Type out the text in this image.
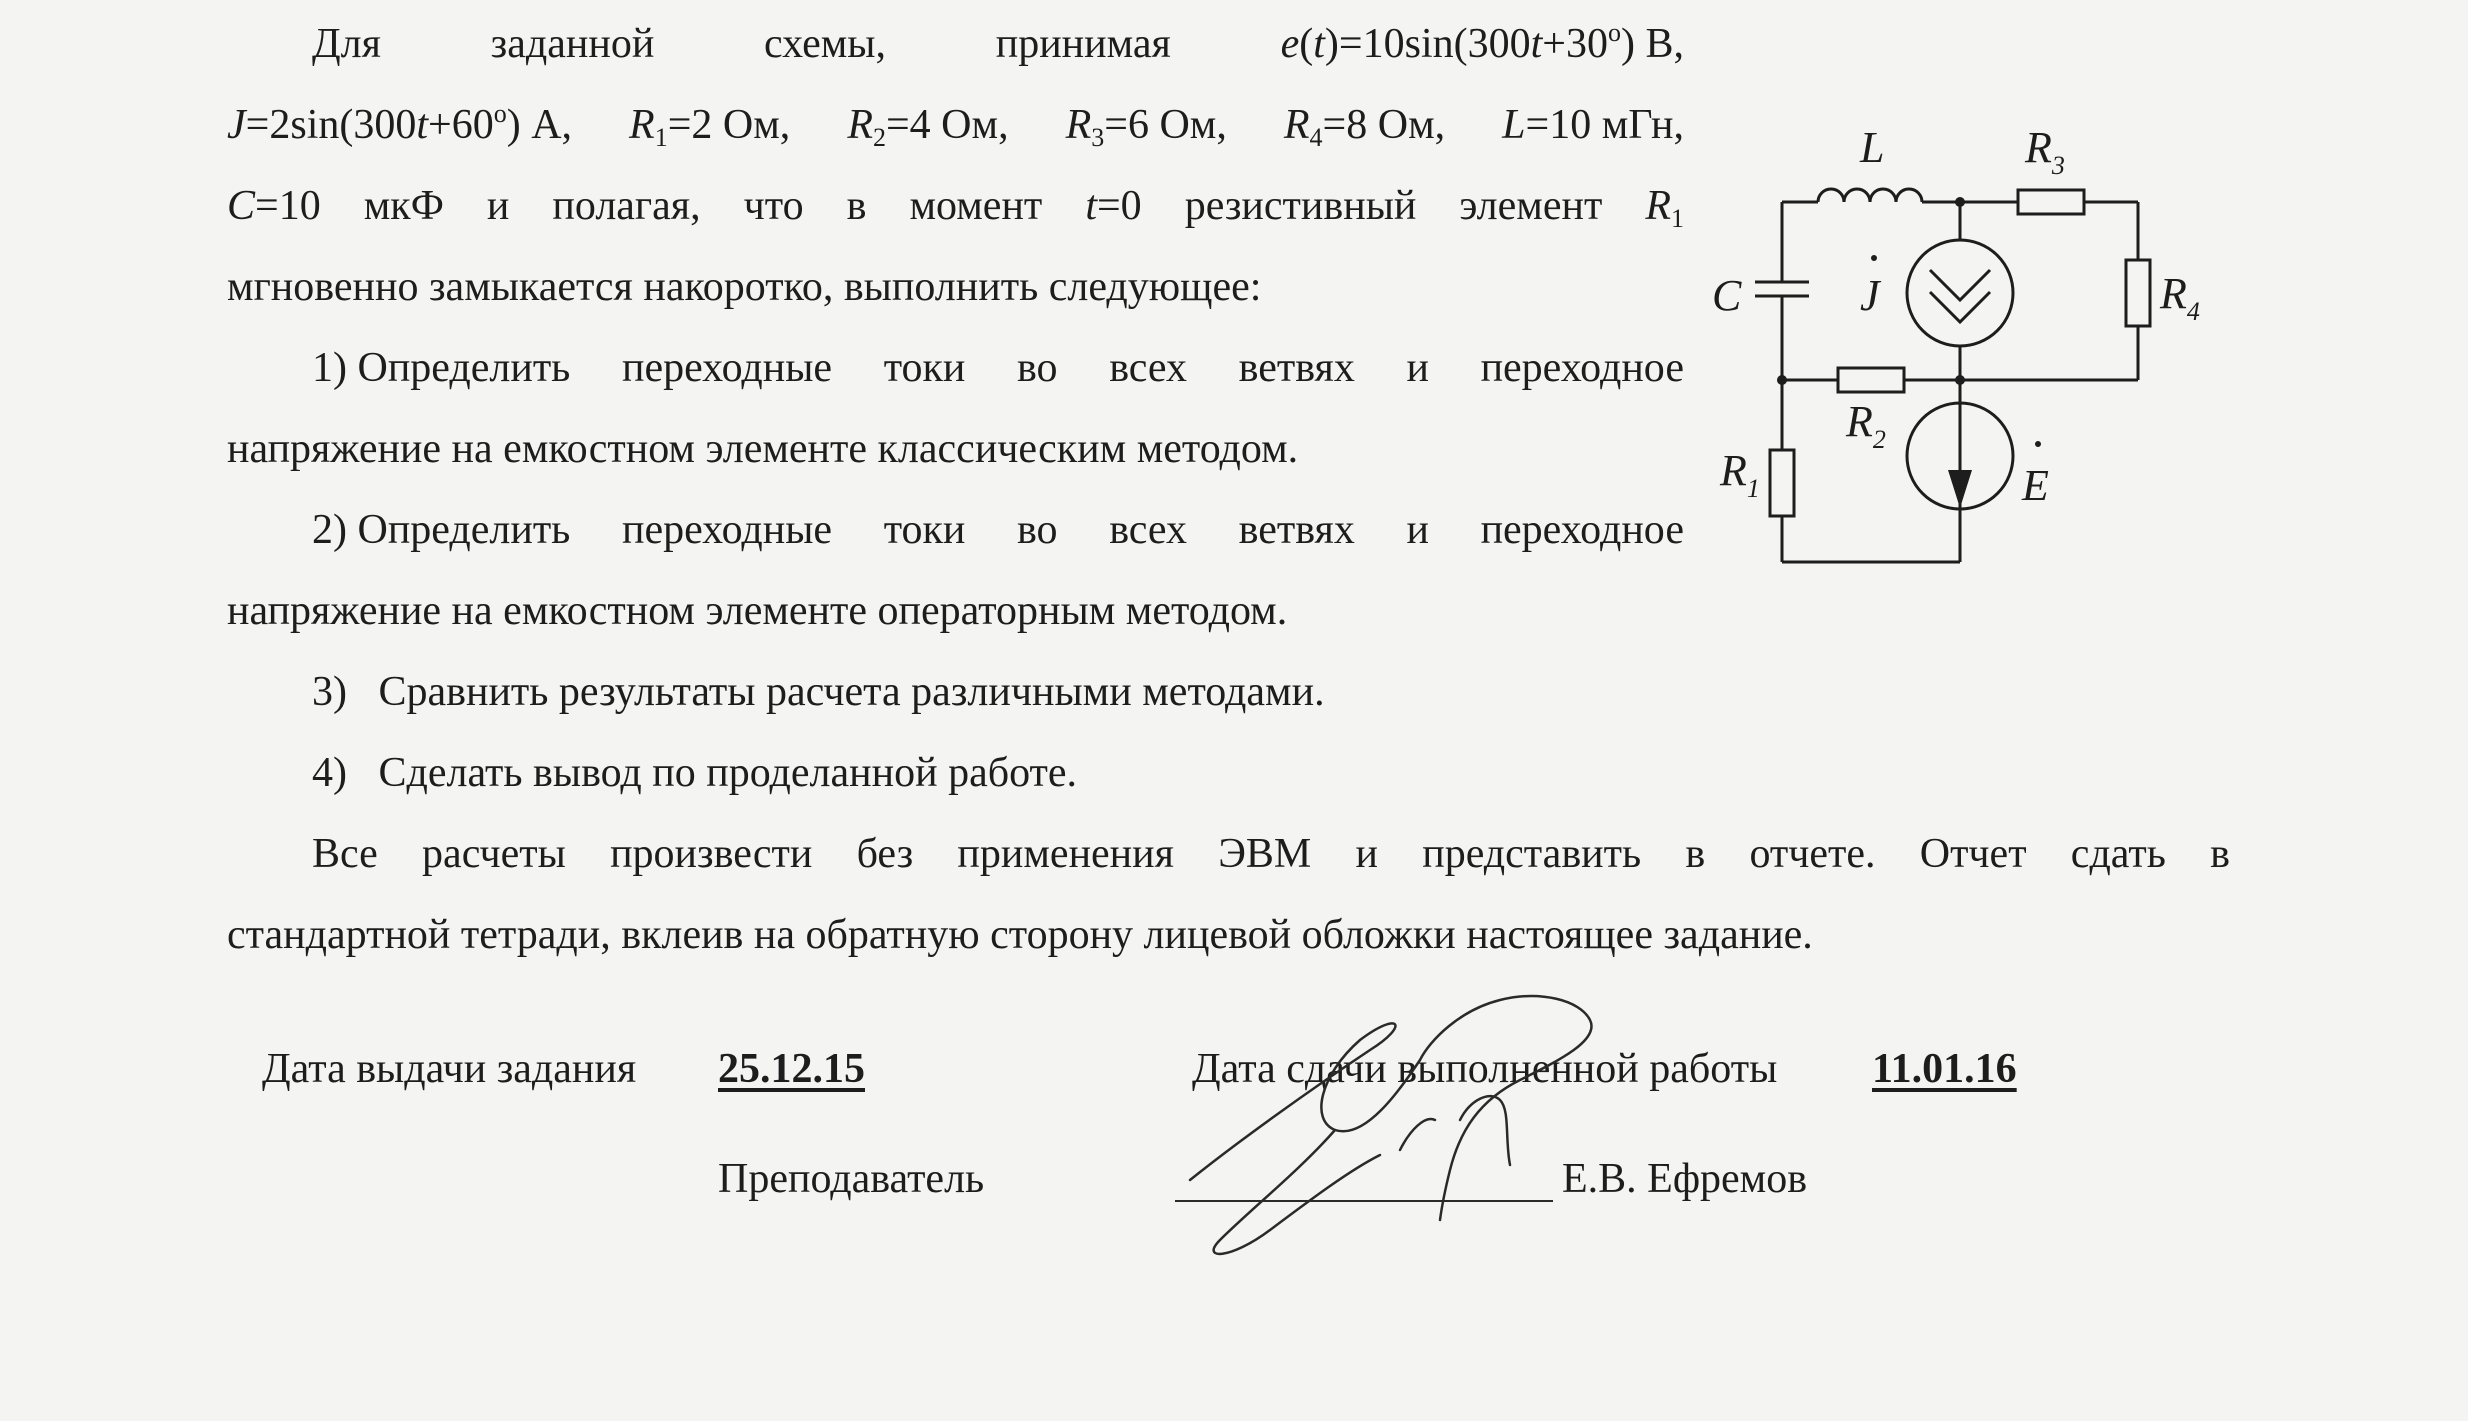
Для	заданной	схемы,	принимая	$e(t)=10\sin(300t+30^o)$ В,
$J=2\sin(300t+60^o)$ А, $R_1=2$ Ом, $R_2=4$ Ом, $R_3=6$ Ом, $R_4=8$ Ом, L=10 мГн,
C=10 мкФ и полагая, что в момент t=0 резистивный элемент $R_1$
мгновенно замыкается накоротко, выполнить следующее:
1) Определить переходные токи во всех ветвях и переходное
напряжение на емкостном элементе классическим методом.
2) Определить переходные токи во всех ветвях и переходное
напряжение на емкостном элементе операторным методом.
3)   Сравнить результаты расчета различными методами.
4)   Сделать вывод по проделанной работе.
Все расчеты произвести без применения ЭВМ и представить в отчете. Отчет сдать в
стандартной тетради, вклеив на обратную сторону лицевой обложки настоящее задание.
Дата выдачи задания 25.12.15	Дата сдачи выполненной работы 11.01.16
Преподаватель	Е.В. Ефремов
L	$R_3$
C	J	$R_4$
$R_2$
$R_1$	E
